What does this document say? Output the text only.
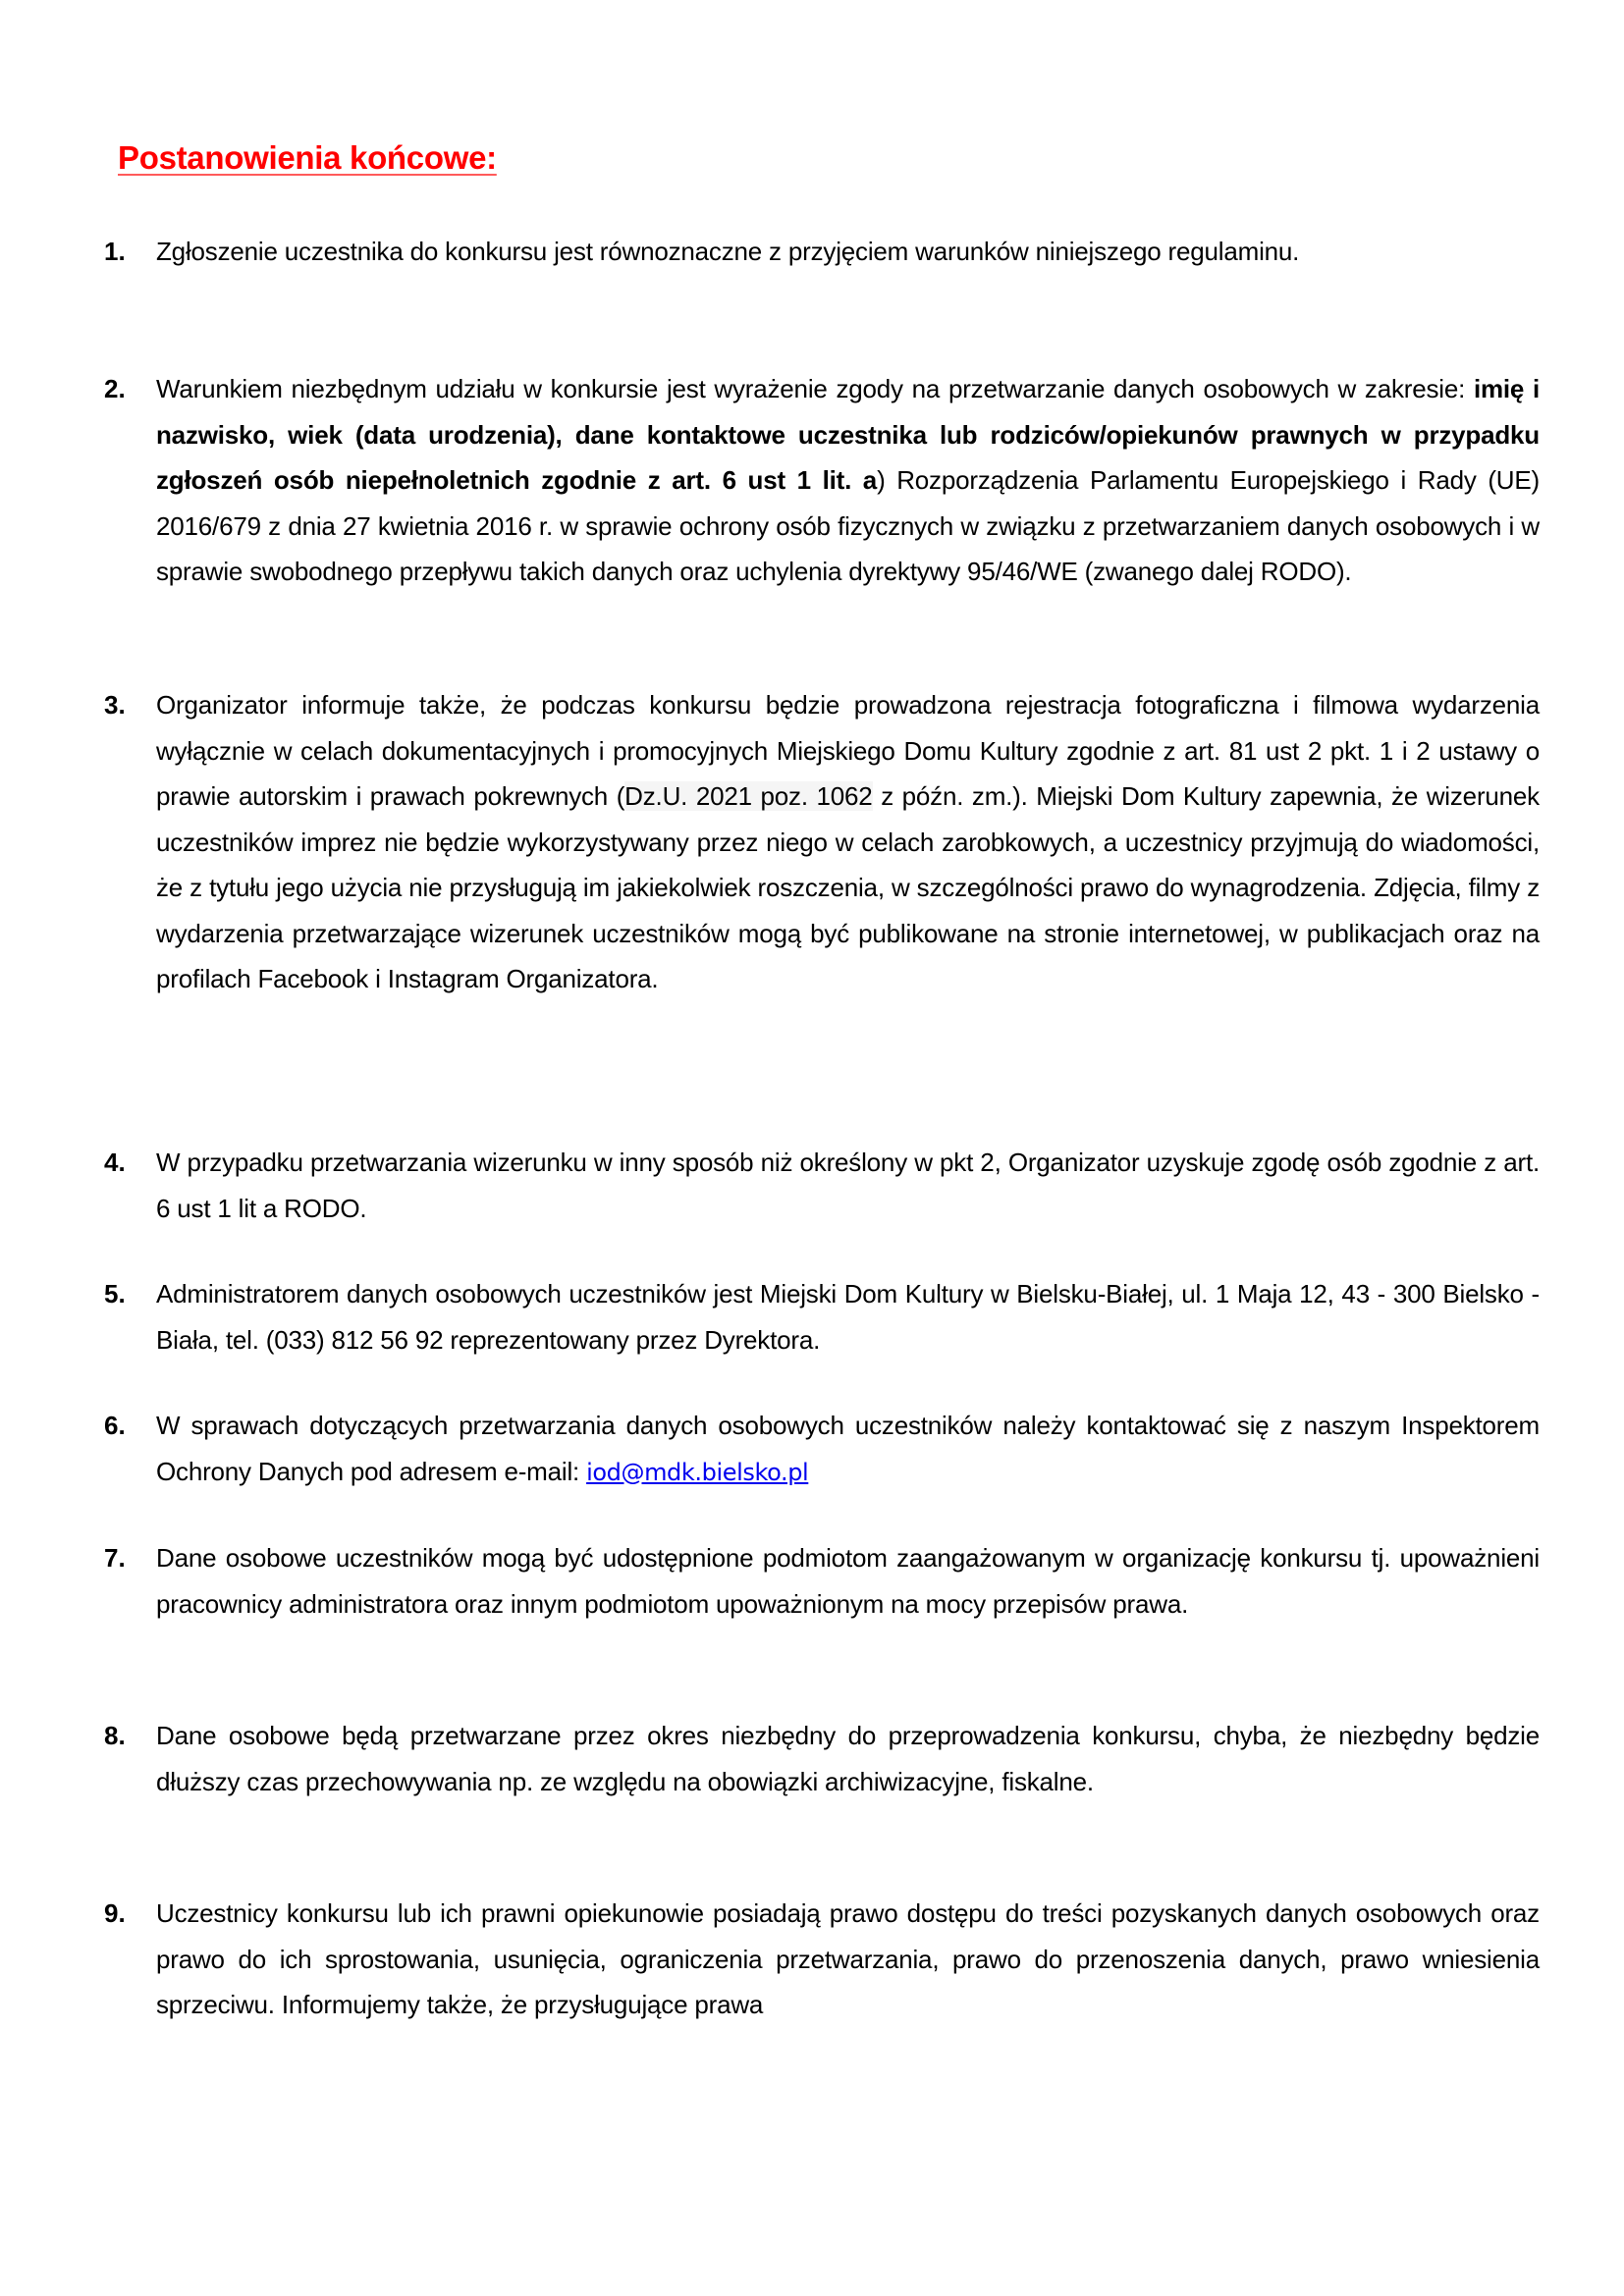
Postanowienia końcowe:
1.	Zgłoszenie uczestnika do konkursu jest równoznaczne z przyjęciem warunków niniejszego regulaminu.
2.	Warunkiem niezbędnym udziału w konkursie jest wyrażenie zgody na przetwarzanie danych osobowych w zakresie: imię i nazwisko, wiek (data urodzenia), dane kontaktowe uczestnika lub rodziców/opiekunów prawnych w przypadku zgłoszeń osób niepełnoletnich zgodnie z art. 6 ust 1 lit. a) Rozporządzenia Parlamentu Europejskiego i Rady (UE) 2016/679 z dnia 27 kwietnia 2016 r. w sprawie ochrony osób fizycznych w związku z przetwarzaniem danych osobowych i w sprawie swobodnego przepływu takich danych oraz uchylenia dyrektywy 95/46/WE (zwanego dalej RODO).
3.	Organizator informuje także, że podczas konkursu będzie prowadzona rejestracja fotograficzna i filmowa wydarzenia wyłącznie w celach dokumentacyjnych i promocyjnych Miejskiego Domu Kultury zgodnie z art. 81 ust 2 pkt. 1 i 2 ustawy o prawie autorskim i prawach pokrewnych (Dz.U. 2021 poz. 1062 z późn. zm.). Miejski Dom Kultury zapewnia, że wizerunek uczestników imprez nie będzie wykorzystywany przez niego w celach zarobkowych, a uczestnicy przyjmują do wiadomości, że z tytułu jego użycia nie przysługują im jakiekolwiek roszczenia, w szczególności prawo do wynagrodzenia. Zdjęcia, filmy z wydarzenia przetwarzające wizerunek uczestników mogą być publikowane na stronie internetowej, w publikacjach oraz na profilach Facebook i Instagram Organizatora.
4.	W przypadku przetwarzania wizerunku w inny sposób niż określony w pkt 2, Organizator uzyskuje zgodę osób zgodnie z art. 6 ust 1 lit a RODO.
5.	Administratorem danych osobowych uczestników jest Miejski Dom Kultury w Bielsku-Białej, ul. 1 Maja 12, 43 - 300 Bielsko -Biała, tel. (033) 812 56 92 reprezentowany przez Dyrektora.
6.	W sprawach dotyczących przetwarzania danych osobowych uczestników należy kontaktować się z naszym Inspektorem Ochrony Danych pod adresem e-mail: iod@mdk.bielsko.pl
7.	Dane osobowe uczestników mogą być udostępnione podmiotom zaangażowanym w organizację konkursu tj. upoważnieni pracownicy administratora oraz innym podmiotom upoważnionym na mocy przepisów prawa.
8.	Dane osobowe będą przetwarzane przez okres niezbędny do przeprowadzenia konkursu, chyba, że niezbędny będzie dłuższy czas przechowywania np. ze względu na obowiązki archiwizacyjne, fiskalne.
9.	Uczestnicy konkursu lub ich prawni opiekunowie posiadają prawo dostępu do treści pozyskanych danych osobowych oraz prawo do ich sprostowania, usunięcia, ograniczenia przetwarzania, prawo do przenoszenia danych, prawo wniesienia sprzeciwu. Informujemy także, że przysługujące prawa
